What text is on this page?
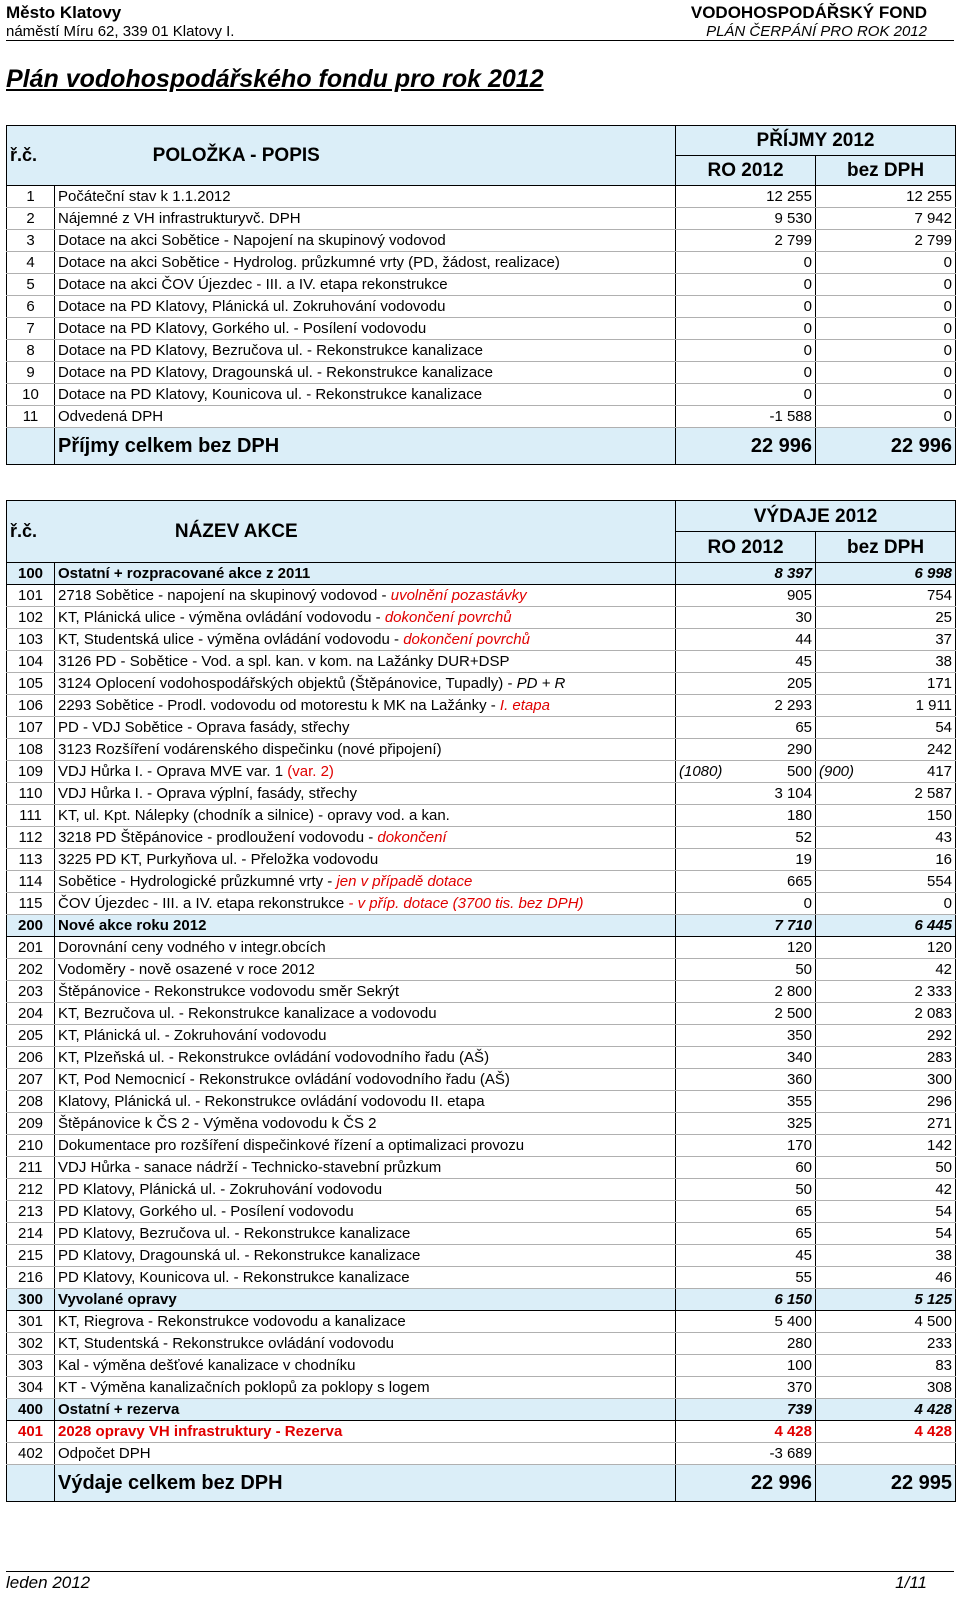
Město Klatovy
náměstí Míru 62, 339 01 Klatovy I.
VODOHOSPODÁŘSKÝ FOND
PLÁN ČERPÁNÍ PRO ROK 2012
Plán vodohospodářského fondu pro rok 2012
ř.č.	POLOŽKA - POPIS	PŘÍJMY 2012	
		RO 2012	bez DPH
1	Počáteční stav k 1.1.2012	12 255	12 255
2	Nájemné z VH infrastrukturyvč. DPH	9 530	7 942
3	Dotace na akci Sobětice - Napojení na skupinový vodovod	2 799	2 799
4	Dotace na akci Sobětice - Hydrolog. průzkumné vrty (PD, žádost, realizace)	0	0
5	Dotace na akci ČOV Újezdec - III. a IV. etapa rekonstrukce	0	0
6	Dotace na PD Klatovy, Plánická ul. Zokruhování vodovodu	0	0
7	Dotace na PD Klatovy, Gorkého ul. - Posílení vodovodu	0	0
8	Dotace na PD Klatovy, Bezručova ul. - Rekonstrukce kanalizace	0	0
9	Dotace na PD Klatovy, Dragounská ul. - Rekonstrukce kanalizace	0	0
10	Dotace na PD Klatovy, Kounicova ul. - Rekonstrukce kanalizace	0	0
11	Odvedená DPH	-1 588	0
	Příjmy celkem bez DPH	22 996	22 996
ř.č.	NÁZEV AKCE	VÝDAJE 2012	
		RO 2012	bez DPH
100	Ostatní + rozpracované akce z 2011	8 397	6 998
101	2718 Sobětice - napojení na skupinový vodovod - uvolnění pozastávky	905	754
102	KT, Plánická ulice - výměna ovládání vodovodu - dokončení povrchů	30	25
103	KT, Studentská ulice - výměna ovládání vodovodu - dokončení povrchů	44	37
104	3126 PD - Sobětice - Vod. a spl. kan. v kom. na Lažánky DUR+DSP	45	38
105	3124 Oplocení vodohospodářských objektů (Štěpánovice, Tupadly) - PD + R	205	171
106	2293 Sobětice - Prodl. vodovodu od motorestu k MK na Lažánky - I. etapa	2 293	1 911
107	PD - VDJ Sobětice - Oprava fasády, střechy	65	54
108	3123 Rozšíření vodárenského dispečinku (nové připojení)	290	242
109	VDJ Hůrka I. - Oprava MVE var. 1 (var. 2)	(1080) 500	(900) 417
110	VDJ Hůrka I. - Oprava výplní, fasády, střechy	3 104	2 587
111	KT, ul. Kpt. Nálepky (chodník a silnice) - opravy vod. a kan.	180	150
112	3218 PD Štěpánovice - prodloužení vodovodu - dokončení	52	43
113	3225 PD KT, Purkyňova ul. - Přeložka vodovodu	19	16
114	Sobětice - Hydrologické průzkumné vrty - jen v případě dotace	665	554
115	ČOV Újezdec - III. a IV. etapa rekonstrukce - v příp. dotace (3700 tis. bez DPH)	0	0
200	Nové akce roku 2012	7 710	6 445
201	Dorovnání ceny vodného v integr.obcích	120	120
202	Vodoměry - nově osazené v roce 2012	50	42
203	Štěpánovice - Rekonstrukce vodovodu směr Sekrýt	2 800	2 333
204	KT, Bezručova ul. - Rekonstrukce kanalizace a vodovodu	2 500	2 083
205	KT, Plánická ul. - Zokruhování vodovodu	350	292
206	KT, Plzeňská ul. - Rekonstrukce ovládání vodovodního řadu (AŠ)	340	283
207	KT, Pod Nemocnicí - Rekonstrukce ovládání vodovodního řadu (AŠ)	360	300
208	Klatovy, Plánická ul. - Rekonstrukce ovládání vodovodu II. etapa	355	296
209	Štěpánovice k ČS 2 - Výměna vodovodu k ČS 2	325	271
210	Dokumentace pro rozšíření dispečinkové řízení a optimalizaci provozu	170	142
211	VDJ Hůrka - sanace nádrží - Technicko-stavební průzkum	60	50
212	PD Klatovy, Plánická ul. - Zokruhování vodovodu	50	42
213	PD Klatovy, Gorkého ul. - Posílení vodovodu	65	54
214	PD Klatovy, Bezručova ul. - Rekonstrukce kanalizace	65	54
215	PD Klatovy, Dragounská ul. - Rekonstrukce kanalizace	45	38
216	PD Klatovy, Kounicova ul. - Rekonstrukce kanalizace	55	46
300	Vyvolané opravy	6 150	5 125
301	KT, Riegrova - Rekonstrukce vodovodu a kanalizace	5 400	4 500
302	KT, Studentská - Rekonstrukce ovládání vodovodu	280	233
303	Kal - výměna dešťové kanalizace v chodníku	100	83
304	KT - Výměna kanalizačních poklopů za poklopy s logem	370	308
400	Ostatní + rezerva	739	4 428
401	2028 opravy VH infrastruktury - Rezerva	4 428	4 428
402	Odpočet DPH	-3 689	
	Výdaje celkem bez DPH	22 996	22 995
leden 2012	1/11
